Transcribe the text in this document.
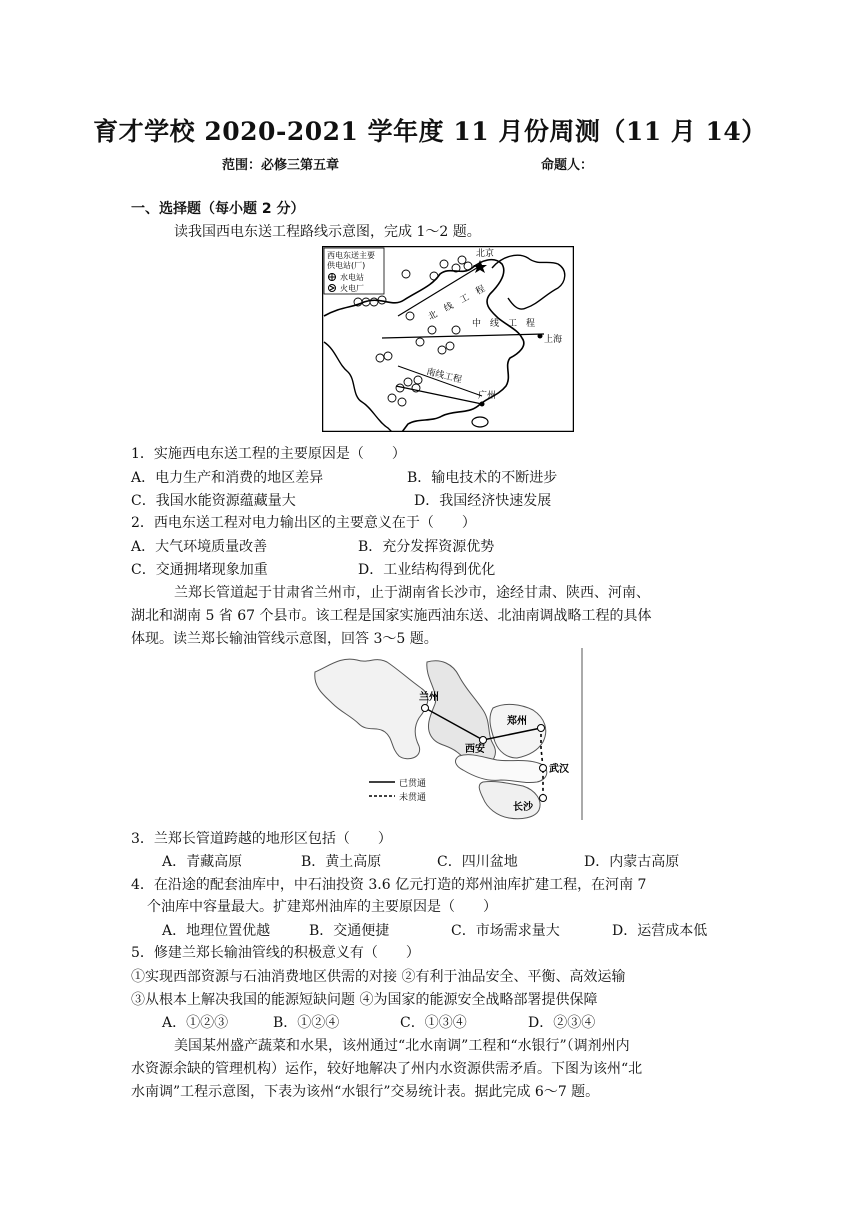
育才学校 2020-2021 学年度 11 月份周测（11 月 14）
范围：必修三第五章	命题人：
一、选择题（每小题 2 分）
读我国西电东送工程路线示意图，完成 1～2 题。
西电东送主要
供电站(厂)
水电站
火电厂
北京
上海
广州
北　线　工　程
中　线　工　程
南线工程
1．实施西电东送工程的主要原因是（　　）
A．电力生产和消费的地区差异	B．输电技术的不断进步
C．我国水能资源蕴藏量大	D．我国经济快速发展
2．西电东送工程对电力输出区的主要意义在于（　　）
A．大气环境质量改善	B．充分发挥资源优势
C．交通拥堵现象加重	D．工业结构得到优化
兰郑长管道起于甘肃省兰州市，止于湖南省长沙市，途经甘肃、陕西、河南、
湖北和湖南 5 省 67 个县市。该工程是国家实施西油东送、北油南调战略工程的具体
体现。读兰郑长输油管线示意图，回答 3～5 题。
兰州
郑州
西安
武汉
长沙
已贯通
未贯通
3．兰郑长管道跨越的地形区包括（　　）
A．青藏高原	B．黄土高原	C．四川盆地	D．内蒙古高原
4．在沿途的配套油库中，中石油投资 3.6 亿元打造的郑州油库扩建工程，在河南 7
个油库中容量最大。扩建郑州油库的主要原因是（　　）
A．地理位置优越	B．交通便捷	C．市场需求量大	D．运营成本低
5．修建兰郑长输油管线的积极意义有（　　）
①实现西部资源与石油消费地区供需的对接 ②有利于油品安全、平衡、高效运输
③从根本上解决我国的能源短缺问题 ④为国家的能源安全战略部署提供保障
A．①②③	B．①②④	C．①③④	D．②③④
美国某州盛产蔬菜和水果，该州通过“北水南调”工程和“水银行”（调剂州内
水资源余缺的管理机构）运作，较好地解决了州内水资源供需矛盾。下图为该州“北
水南调”工程示意图，下表为该州“水银行”交易统计表。据此完成 6～7 题。
